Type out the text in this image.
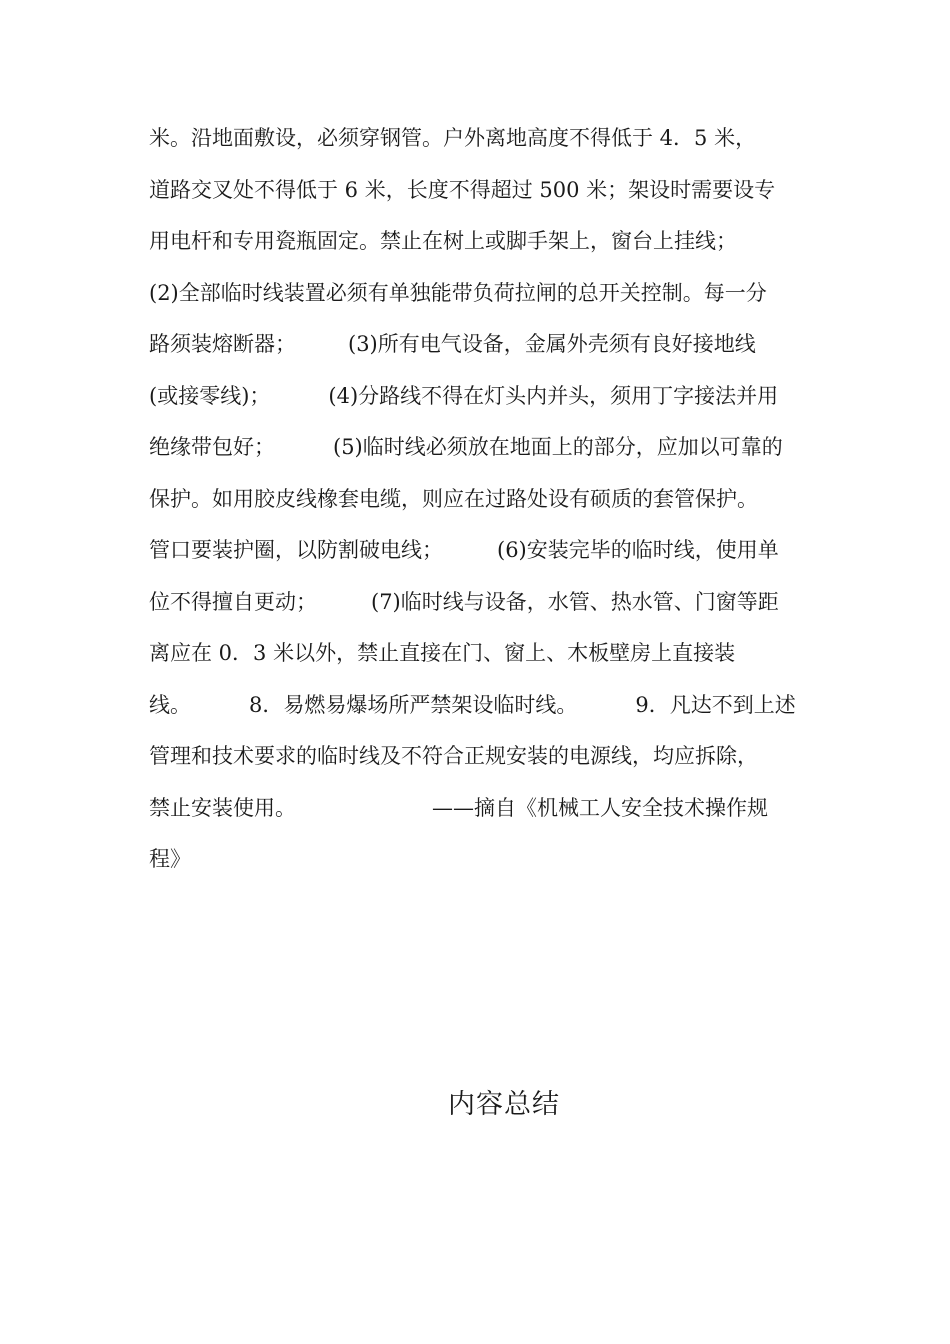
米。沿地面敷设，必须穿钢管。户外离地高度不得低于 4．5 米，
道路交叉处不得低于 6 米，长度不得超过 500 米；架设时需要设专
用电杆和专用瓷瓶固定。禁止在树上或脚手架上，窗台上挂线；
(2)全部临时线装置必须有单独能带负荷拉闸的总开关控制。每一分
路须装熔断器； (3)所有电气设备，金属外壳须有良好接地线
(或接零线)；	(4)分路线不得在灯头内并头，须用丁字接法并用
绝缘带包好；	(5)临时线必须放在地面上的部分，应加以可靠的
保护。如用胶皮线橡套电缆，则应在过路处设有硕质的套管保护。
管口要装护圈，以防割破电线；	(6)安装完毕的临时线，使用单
位不得擅自更动；	(7)临时线与设备，水管、热水管、门窗等距
离应在 0．3 米以外，禁止直接在门、窗上、木板壁房上直接装
线。	8．易燃易爆场所严禁架设临时线。	9．凡达不到上述
管理和技术要求的临时线及不符合正规安装的电源线，均应拆除，
禁止安装使用。	——摘自《机械工人安全技术操作规
程》
内容总结
